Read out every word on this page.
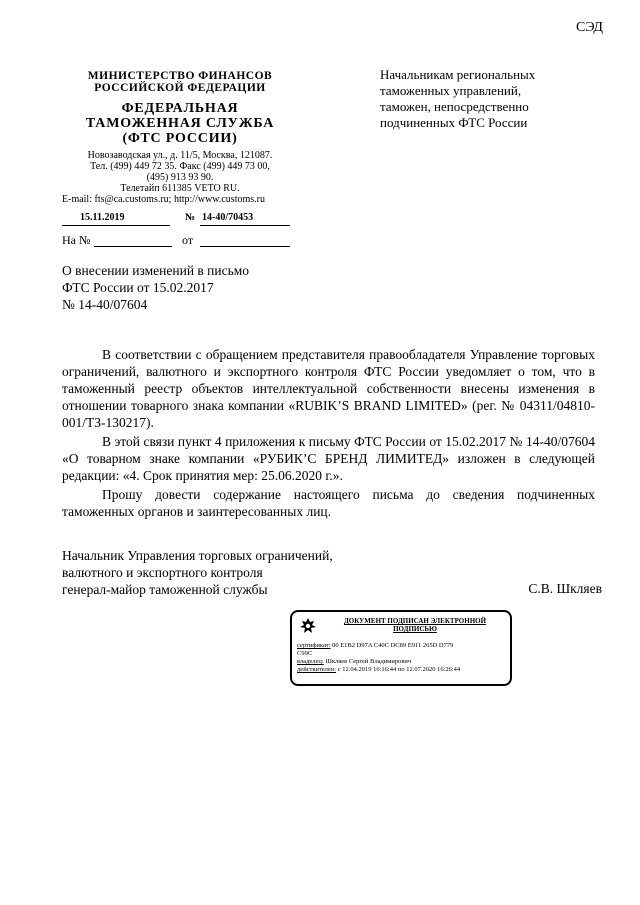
СЭД
МИНИСТЕРСТВО ФИНАНСОВ
РОССИЙСКОЙ ФЕДЕРАЦИИ
ФЕДЕРАЛЬНАЯ
ТАМОЖЕННАЯ СЛУЖБА
(ФТС РОССИИ)
Новозаводская ул., д. 11/5, Москва, 121087.
Тел. (499) 449 72 35. Факс (499) 449 73 00,
(495) 913 93 90.
Телетайп 611385 VETO RU.
E-mail: fts@ca.customs.ru; http://www.customs.ru
Начальникам региональных
таможенных управлений,
таможен, непосредственно
подчиненных ФТС России
15.11.2019	№ 14-40/70453
На №	от
О внесении изменений в письмо
ФТС России от 15.02.2017
№ 14-40/07604

В соответствии с обращением представителя правообладателя Управление торговых ограничений, валютного и экспортного контроля ФТС России уведомляет о том, что в таможенный реестр объектов интеллектуальной собственности внесены изменения в отношении товарного знака компании «RUBIK’S BRAND LIMITED» (рег. № 04311/04810-001/ТЗ-130217).

В этой связи пункт 4 приложения к письму ФТС России от 15.02.2017 № 14-40/07604 «О товарном знаке компании «РУБИК’С БРЕНД ЛИМИТЕД» изложен в следующей редакции: «4. Срок принятия мер: 25.06.2020 г.».

Прошу довести содержание настоящего письма до сведения подчиненных таможенных органов и заинтересованных лиц.

Начальник Управления торговых ограничений,
валютного и экспортного контроля
генерал-майор таможенной службы	С.В. Шкляев
ДОКУМЕНТ ПОДПИСАН ЭЛЕКТРОННОЙ
ПОДПИСЬЮ
сертификат: 00 E1B2 D97A C40C DC89 E911 265D D779
C99C
владелец: Шкляев Сергей Владимирович
действителен: с 12.04.2019 16:16:44 по 12.07.2020 16:26:44
